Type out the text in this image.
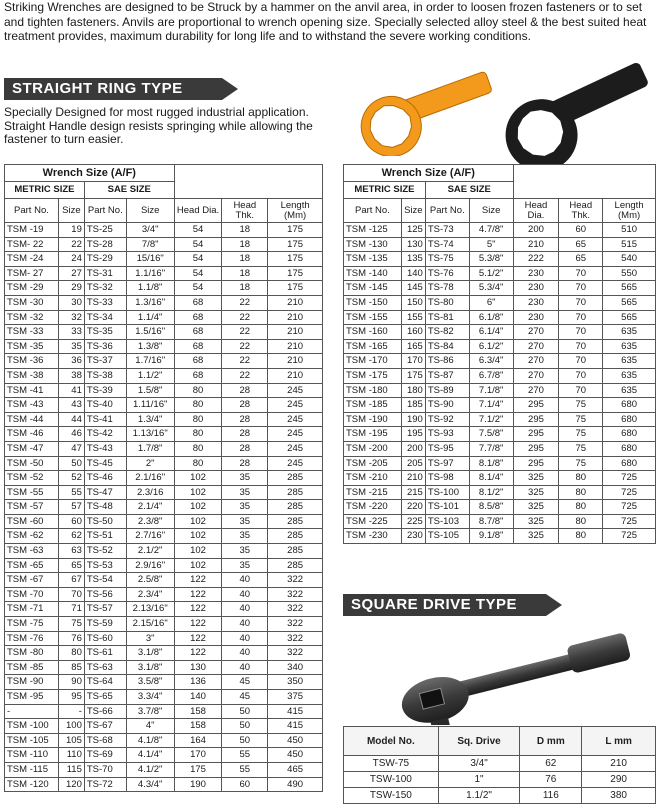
Striking Wrenches are designed to be Struck by a hammer on the anvil area, in order to loosen frozen fasteners or to set and tighten fasteners. Anvils are proportional to wrench opening size. Specially selected alloy steel & the best suited heat treatment provides, maximum durability for long life and to withstand the severe working conditions.
STRAIGHT RING TYPE
Specially Designed for most rugged industrial application. Straight Handle design resists springing while allowing the fastener to turn easier.
Wrench Size (A/F)						
METRIC SIZE		SAE SIZE				
Part No.	Size	Part No.	Size	Head Dia.	Head Thk.	Length (Mm)
TSM -19	19	TS-25	3/4"	54	18	175
TSM- 22	22	TS-28	7/8"	54	18	175
TSM -24	24	TS-29	15/16"	54	18	175
TSM- 27	27	TS-31	1.1/16"	54	18	175
TSM -29	29	TS-32	1.1/8"	54	18	175
TSM -30	30	TS-33	1.3/16"	68	22	210
TSM -32	32	TS-34	1.1/4"	68	22	210
TSM -33	33	TS-35	1.5/16"	68	22	210
TSM -35	35	TS-36	1.3/8"	68	22	210
TSM -36	36	TS-37	1.7/16"	68	22	210
TSM -38	38	TS-38	1.1/2"	68	22	210
TSM -41	41	TS-39	1.5/8"	80	28	245
TSM -43	43	TS-40	1.11/16"	80	28	245
TSM -44	44	TS-41	1.3/4"	80	28	245
TSM -46	46	TS-42	1.13/16"	80	28	245
TSM -47	47	TS-43	1.7/8"	80	28	245
TSM -50	50	TS-45	2"	80	28	245
TSM -52	52	TS-46	2.1/16"	102	35	285
TSM -55	55	TS-47	2.3/16	102	35	285
TSM -57	57	TS-48	2.1/4"	102	35	285
TSM -60	60	TS-50	2.3/8"	102	35	285
TSM -62	62	TS-51	2.7/16"	102	35	285
TSM -63	63	TS-52	2.1/2"	102	35	285
TSM -65	65	TS-53	2.9/16"	102	35	285
TSM -67	67	TS-54	2.5/8"	122	40	322
TSM -70	70	TS-56	2.3/4"	122	40	322
TSM -71	71	TS-57	2.13/16"	122	40	322
TSM -75	75	TS-59	2.15/16"	122	40	322
TSM -76	76	TS-60	3"	122	40	322
TSM -80	80	TS-61	3.1/8"	122	40	322
TSM -85	85	TS-63	3.1/8"	130	40	340
TSM -90	90	TS-64	3.5/8"	136	45	350
TSM -95	95	TS-65	3.3/4"	140	45	375
-	-	TS-66	3.7/8"	158	50	415
TSM -100	100	TS-67	4"	158	50	415
TSM -105	105	TS-68	4.1/8"	164	50	450
TSM -110	110	TS-69	4.1/4"	170	55	450
TSM -115	115	TS-70	4.1/2"	175	55	465
TSM -120	120	TS-72	4.3/4"	190	60	490
Wrench Size (A/F)						
METRIC SIZE		SAE SIZE				
Part No.	Size	Part No.	Size	Head Dia.	Head Thk.	Length (Mm)
TSM -125	125	TS-73	4.7/8"	200	60	510
TSM -130	130	TS-74	5"	210	65	515
TSM -135	135	TS-75	5.3/8"	222	65	540
TSM -140	140	TS-76	5.1/2"	230	70	550
TSM -145	145	TS-78	5.3/4"	230	70	565
TSM -150	150	TS-80	6"	230	70	565
TSM -155	155	TS-81	6.1/8"	230	70	565
TSM -160	160	TS-82	6.1/4"	270	70	635
TSM -165	165	TS-84	6.1/2"	270	70	635
TSM -170	170	TS-86	6.3/4"	270	70	635
TSM -175	175	TS-87	6.7/8"	270	70	635
TSM -180	180	TS-89	7.1/8"	270	70	635
TSM -185	185	TS-90	7.1/4"	295	75	680
TSM -190	190	TS-92	7.1/2"	295	75	680
TSM -195	195	TS-93	7.5/8"	295	75	680
TSM -200	200	TS-95	7.7/8"	295	75	680
TSM -205	205	TS-97	8.1/8"	295	75	680
TSM -210	210	TS-98	8.1/4"	325	80	725
TSM -215	215	TS-100	8.1/2"	325	80	725
TSM -220	220	TS-101	8.5/8"	325	80	725
TSM -225	225	TS-103	8.7/8"	325	80	725
TSM -230	230	TS-105	9.1/8"	325	80	725
SQUARE DRIVE TYPE
Model No.	Sq. Drive	D mm	L mm
TSW-75	3/4"	62	210
TSW-100	1"	76	290
TSW-150	1.1/2"	116	380
